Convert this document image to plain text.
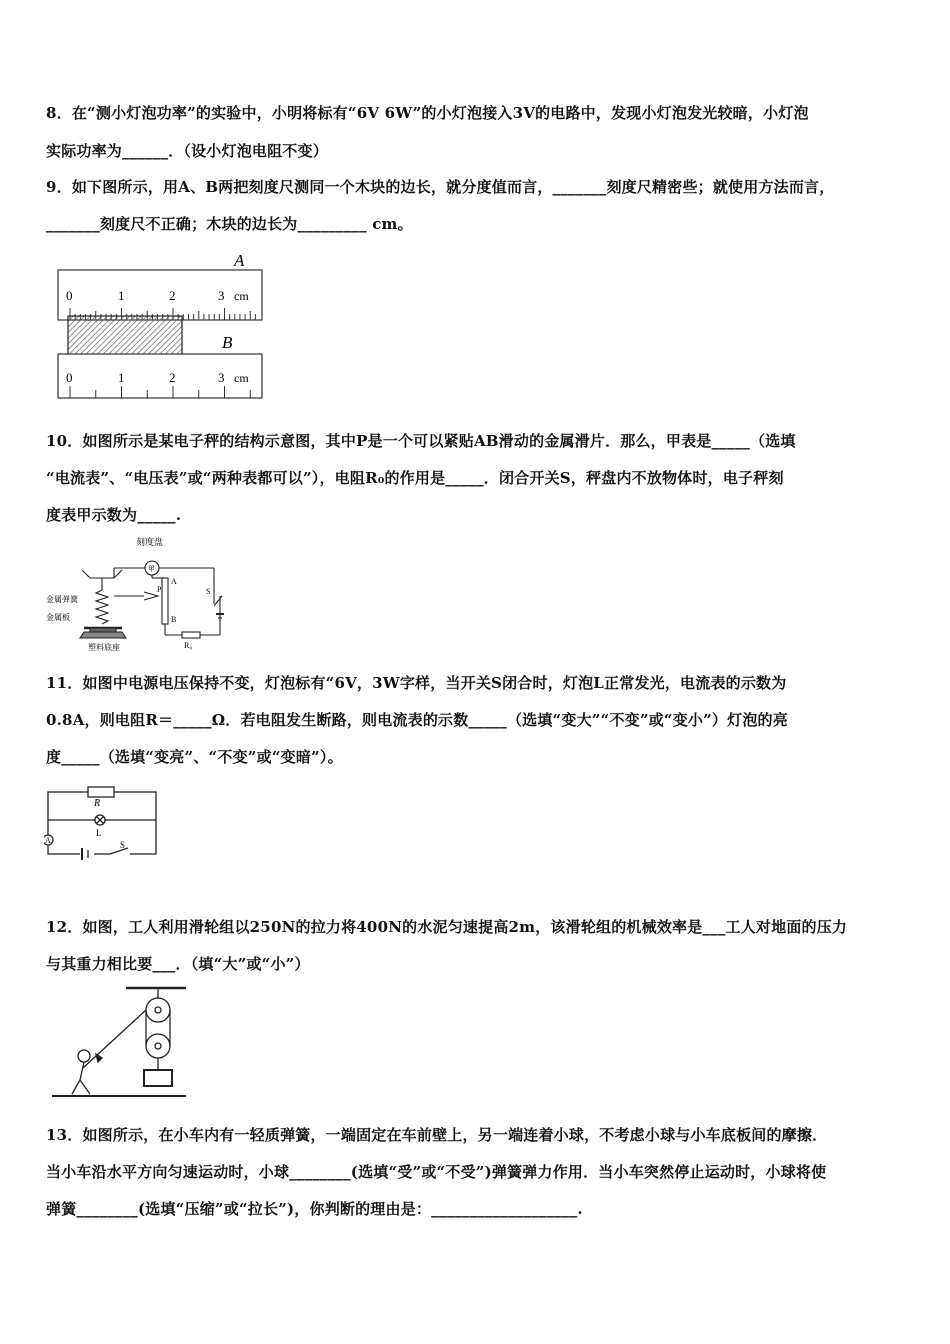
8．在“测小灯泡功率”的实验中，小明将标有“6V 6W”的小灯泡接入3V的电路中，发现小灯泡发光较暗，小灯泡
实际功率为______．（设小灯泡电阻不变）
9．如下图所示，用A、B两把刻度尺测同一个木块的边长，就分度值而言，_______刻度尺精密些；就使用方法而言，
_______刻度尺不正确；木块的边长为_________ cm。
A
0	1	2	3 cm
B
0	1	2	3 cm
10．如图所示是某电子秤的结构示意图，其中P是一个可以紧贴AB滑动的金属滑片．那么，甲表是_____（选填
“电流表”、“电压表”或“两种表都可以”），电阻R₀的作用是_____．闭合开关S，秤盘内不放物体时，电子秤刻
度表甲示数为_____.
刻度盘
甲
金属弹簧
金属板
塑料底座
P
A
B
S
R₀
11．如图中电源电压保持不变，灯泡标有“6V，3W字样，当开关S闭合时，灯泡L正常发光，电流表的示数为
0.8A，则电阻R＝_____Ω．若电阻发生断路，则电流表的示数_____（选填“变大”“不变”或“变小”）灯泡的亮
度_____（选填“变亮”、“不变”或“变暗”）。
R
L
A	S
12．如图，工人利用滑轮组以250N的拉力将400N的水泥匀速提高2m，该滑轮组的机械效率是___工人对地面的压力
与其重力相比要___．（填“大”或“小”）
13．如图所示，在小车内有一轻质弹簧，一端固定在车前壁上，另一端连着小球，不考虑小球与小车底板间的摩擦．
当小车沿水平方向匀速运动时，小球________(选填“受”或“不受”)弹簧弹力作用．当小车突然停止运动时，小球将使
弹簧________(选填“压缩”或“拉长”)，你判断的理由是：___________________.
